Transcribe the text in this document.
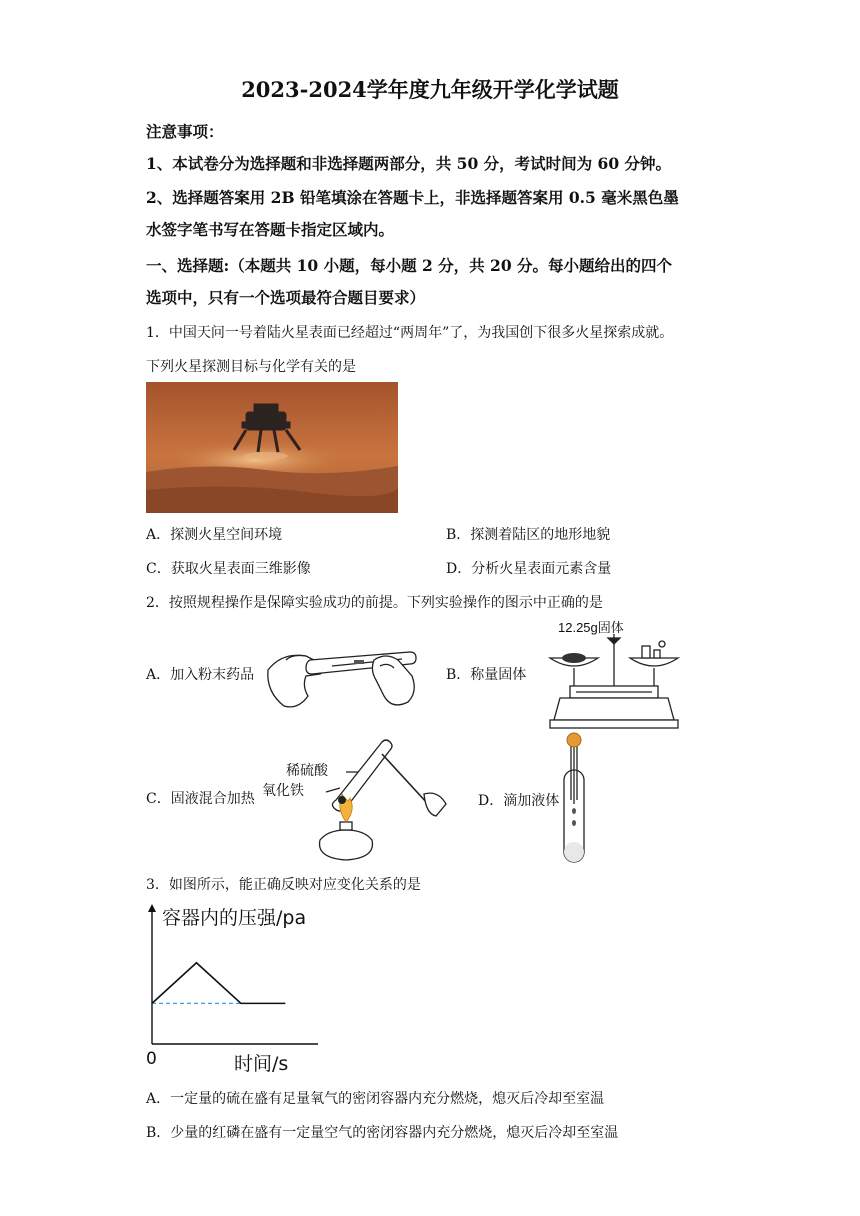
2023-2024学年度九年级开学化学试题
注意事项：
1、本试卷分为选择题和非选择题两部分，共 50 分，考试时间为 60 分钟。
2、选择题答案用 2B 铅笔填涂在答题卡上，非选择题答案用 0.5 毫米黑色墨
水签字笔书写在答题卡指定区域内。
一、选择题:（本题共 10 小题，每小题 2 分，共 20 分。每小题给出的四个
选项中，只有一个选项最符合题目要求）
1．中国天问一号着陆火星表面已经超过“两周年”了，为我国创下很多火星探索成就。
下列火星探测目标与化学有关的是
A．探测火星空间环境	B．探测着陆区的地形地貌
C．获取火星表面三维影像	D．分析火星表面元素含量
2．按照规程操作是保障实验成功的前提。下列实验操作的图示中正确的是
A．加入粉末药品	B．称量固体
12.25g固体
C．固液混合加热
稀硫酸
氧化铁
D．滴加液体
3．如图所示，能正确反映对应变化关系的是
容器内的压强/pa
时间/s
0
A．一定量的硫在盛有足量氧气的密闭容器内充分燃烧，熄灭后冷却至室温
B．少量的红磷在盛有一定量空气的密闭容器内充分燃烧，熄灭后冷却至室温
